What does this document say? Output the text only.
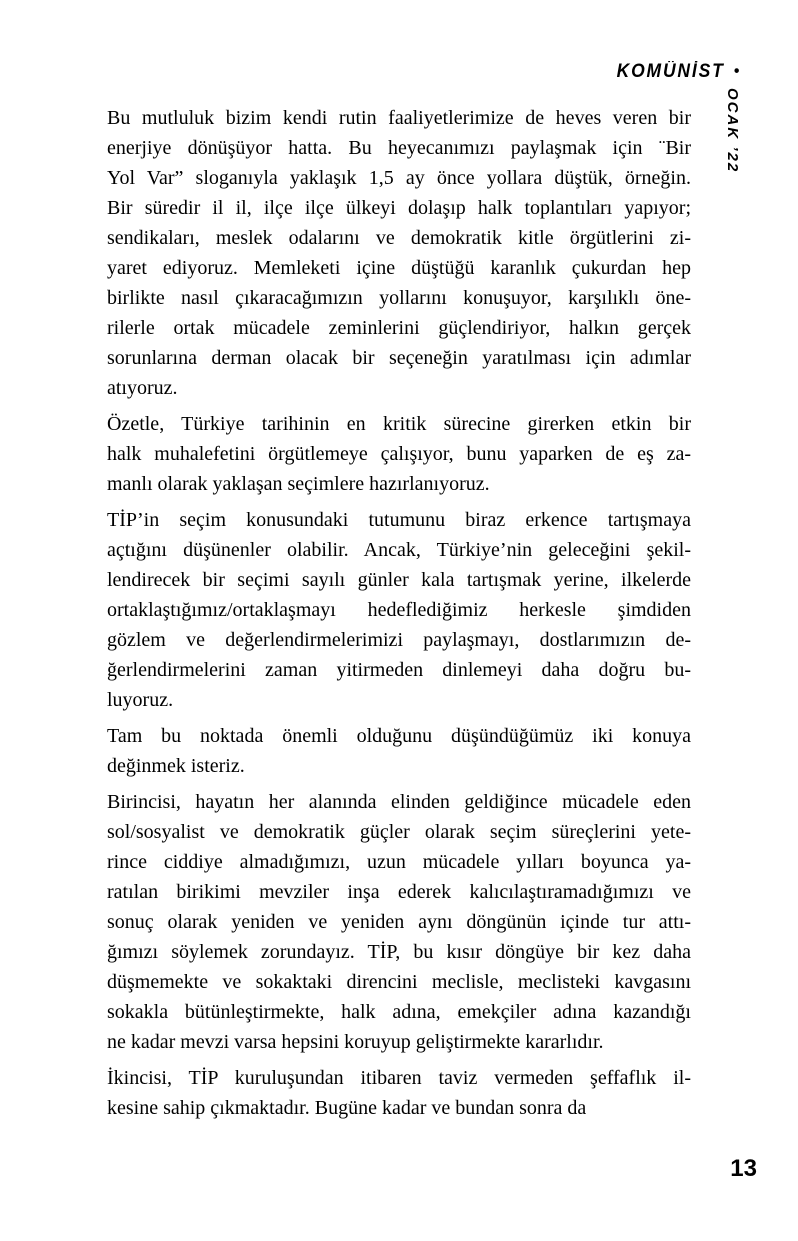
KOMÜNİST •
OCAK ’22
Bu mutluluk bizim kendi rutin faaliyetlerimize de heves veren bir
enerjiye dönüşüyor hatta. Bu heyecanımızı paylaşmak için ¨Bir
Yol Var” sloganıyla yaklaşık 1,5 ay önce yollara düştük, örneğin.
Bir süredir il il, ilçe ilçe ülkeyi dolaşıp halk toplantıları yapıyor;
sendikaları, meslek odalarını ve demokratik kitle örgütlerini zi-
yaret ediyoruz. Memleketi içine düştüğü karanlık çukurdan hep
birlikte nasıl çıkaracağımızın yollarını konuşuyor, karşılıklı öne-
rilerle ortak mücadele zeminlerini güçlendiriyor, halkın gerçek
sorunlarına derman olacak bir seçeneğin yaratılması için adımlar
atıyoruz.
Özetle, Türkiye tarihinin en kritik sürecine girerken etkin bir
halk muhalefetini örgütlemeye çalışıyor, bunu yaparken de eş za-
manlı olarak yaklaşan seçimlere hazırlanıyoruz.
TİP’in seçim konusundaki tutumunu biraz erkence tartışmaya
açtığını düşünenler olabilir. Ancak, Türkiye’nin geleceğini şekil-
lendirecek bir seçimi sayılı günler kala tartışmak yerine, ilkelerde
ortaklaştığımız/ortaklaşmayı hedeflediğimiz herkesle şimdiden
gözlem ve değerlendirmelerimizi paylaşmayı, dostlarımızın de-
ğerlendirmelerini zaman yitirmeden dinlemeyi daha doğru bu-
luyoruz.
Tam bu noktada önemli olduğunu düşündüğümüz iki konuya
değinmek isteriz.
Birincisi, hayatın her alanında elinden geldiğince mücadele eden
sol/sosyalist ve demokratik güçler olarak seçim süreçlerini yete-
rince ciddiye almadığımızı, uzun mücadele yılları boyunca ya-
ratılan birikimi mevziler inşa ederek kalıcılaştıramadığımızı ve
sonuç olarak yeniden ve yeniden aynı döngünün içinde tur attı-
ğımızı söylemek zorundayız. TİP, bu kısır döngüye bir kez daha
düşmemekte ve sokaktaki direncini meclisle, meclisteki kavgasını
sokakla bütünleştirmekte, halk adına, emekçiler adına kazandığı
ne kadar mevzi varsa hepsini koruyup geliştirmekte kararlıdır.
İkincisi, TİP kuruluşundan itibaren taviz vermeden şeffaflık il-
kesine sahip çıkmaktadır. Bugüne kadar ve bundan sonra da
13
